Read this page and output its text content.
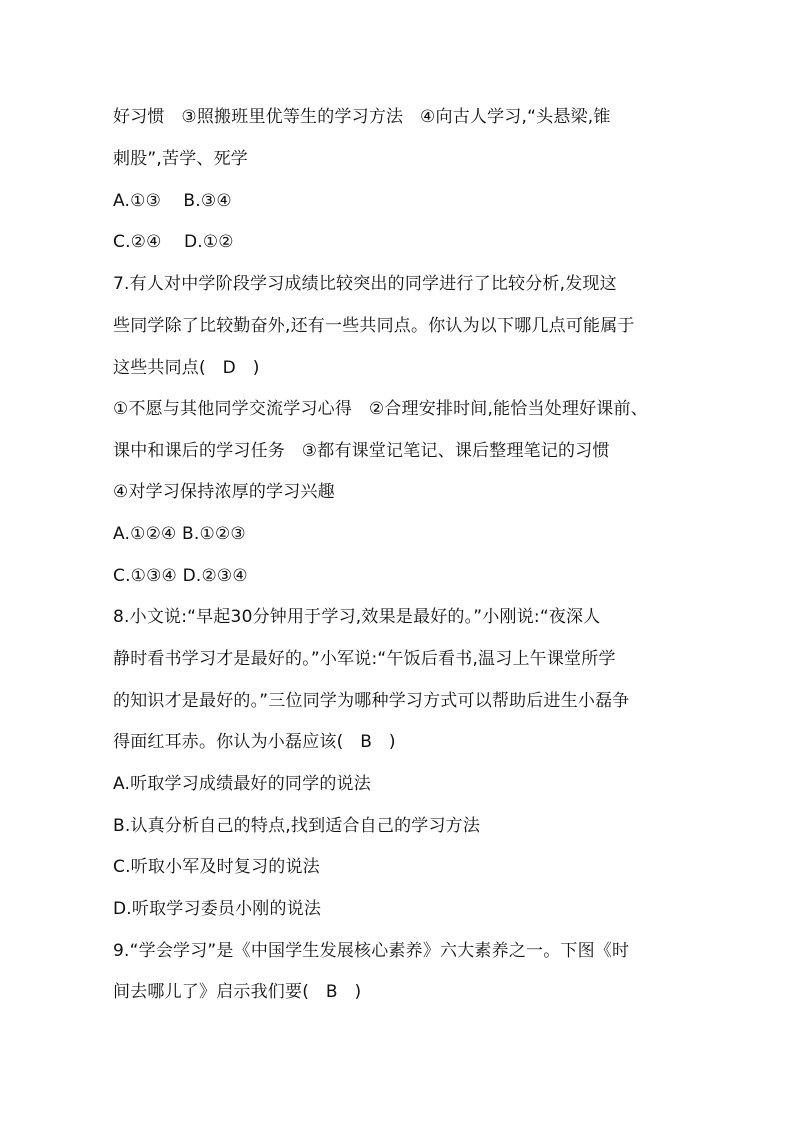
好习惯   ③照搬班里优等生的学习方法   ④向古人学习,“头悬梁,锥
刺股”,苦学、死学
A.①③    B.③④
C.②④    D.①②
7.有人对中学阶段学习成绩比较突出的同学进行了比较分析,发现这
些同学除了比较勤奋外,还有一些共同点。你认为以下哪几点可能属于
这些共同点(   D   )
①不愿与其他同学交流学习心得   ②合理安排时间,能恰当处理好课前、
课中和课后的学习任务   ③都有课堂记笔记、课后整理笔记的习惯
④对学习保持浓厚的学习兴趣
A.①②④ B.①②③
C.①③④ D.②③④
8.小文说:“早起30分钟用于学习,效果是最好的。”小刚说:“夜深人
静时看书学习才是最好的。”小军说:“午饭后看书,温习上午课堂所学
的知识才是最好的。”三位同学为哪种学习方式可以帮助后进生小磊争
得面红耳赤。你认为小磊应该(   B   )
A.听取学习成绩最好的同学的说法
B.认真分析自己的特点,找到适合自己的学习方法
C.听取小军及时复习的说法
D.听取学习委员小刚的说法
9.“学会学习”是《中国学生发展核心素养》六大素养之一。下图《时
间去哪儿了》启示我们要(   B   )
